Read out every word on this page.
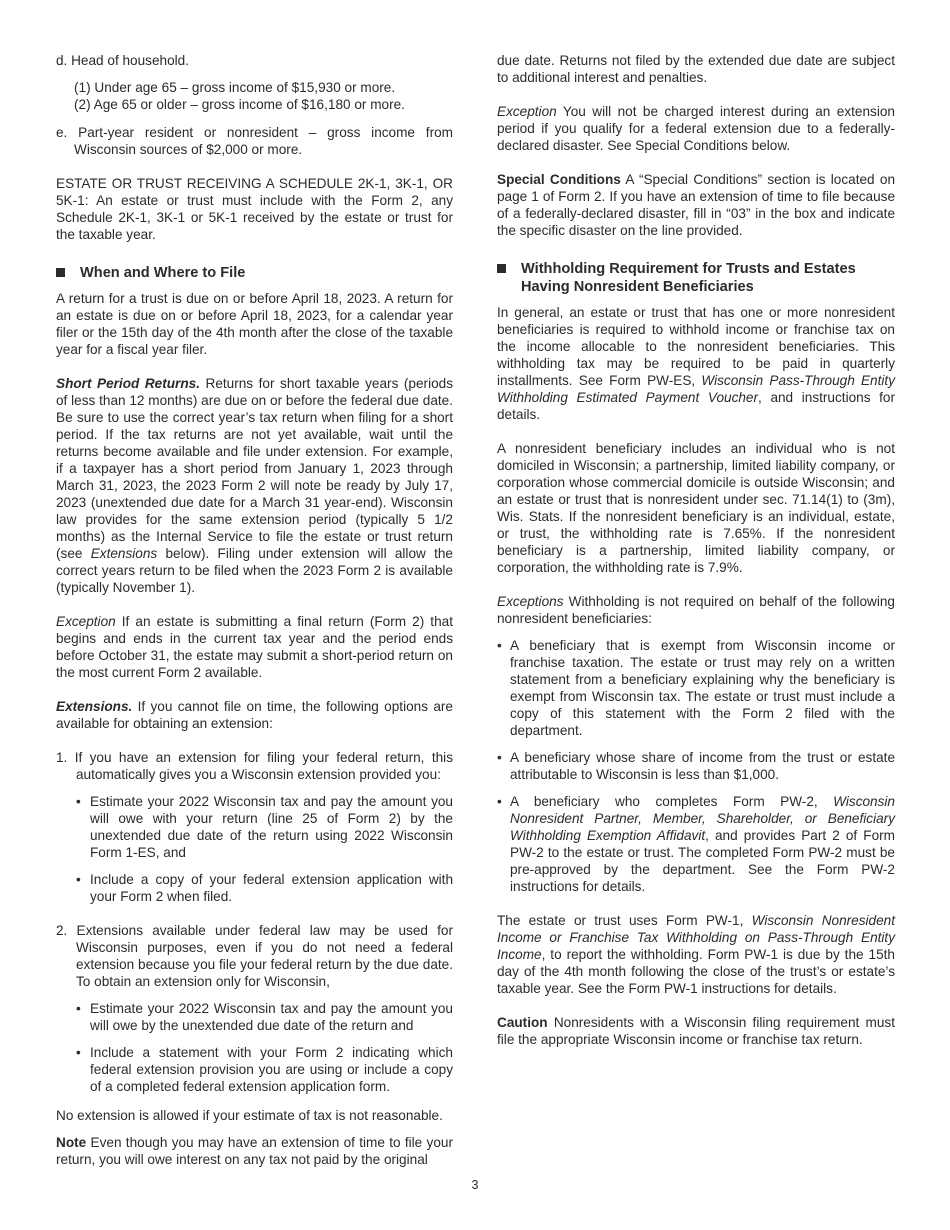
d. Head of household.

(1) Under age 65 – gross income of $15,930 or more.

(2) Age 65 or older – gross income of $16,180 or more.

e. Part-year resident or nonresident – gross income from Wisconsin sources of $2,000 or more.

ESTATE OR TRUST RECEIVING A SCHEDULE 2K-1, 3K-1, OR 5K-1: An estate or trust must include with the Form 2, any Schedule 2K-1, 3K-1 or 5K-1 received by the estate or trust for the taxable year.

When and Where to File

A return for a trust is due on or before April 18, 2023. A return for an estate is due on or before April 18, 2023, for a calendar year filer or the 15th day of the 4th month after the close of the taxable year for a fiscal year filer.

Short Period Returns. Returns for short taxable years (periods of less than 12 months) are due on or before the federal due date. Be sure to use the correct year’s tax return when filing for a short period. If the tax returns are not yet available, wait until the returns become available and file under extension. For example, if a taxpayer has a short period from January 1, 2023 through March 31, 2023, the 2023 Form 2 will note be ready by July 17, 2023 (unextended due date for a March 31 year-end). Wisconsin law provides for the same extension period (typically 5 1/2 months) as the Internal Service to file the estate or trust return (see Extensions below). Filing under extension will allow the correct years return to be filed when the 2023 Form 2 is available (typically November 1).

Exception If an estate is submitting a final return (Form 2) that begins and ends in the current tax year and the period ends before October 31, the estate may submit a short-period return on the most current Form 2 available.

Extensions. If you cannot file on time, the following options are available for obtaining an extension:

1. If you have an extension for filing your federal return, this automatically gives you a Wisconsin extension provided you:

• Estimate your 2022 Wisconsin tax and pay the amount you will owe with your return (line 25 of Form 2) by the unextended due date of the return using 2022 Wisconsin Form 1-ES, and

• Include a copy of your federal extension application with your Form 2 when filed.

2. Extensions available under federal law may be used for Wisconsin purposes, even if you do not need a federal extension because you file your federal return by the due date. To obtain an extension only for Wisconsin,

• Estimate your 2022 Wisconsin tax and pay the amount you will owe by the unextended due date of the return and

• Include a statement with your Form 2 indicating which federal extension provision you are using or include a copy of a completed federal extension application form.

No extension is allowed if your estimate of tax is not reasonable.

Note Even though you may have an extension of time to file your return, you will owe interest on any tax not paid by the original

due date. Returns not filed by the extended due date are subject to additional interest and penalties.

Exception You will not be charged interest during an extension period if you qualify for a federal extension due to a federally-declared disaster. See Special Conditions below.

Special Conditions A “Special Conditions” section is located on page 1 of Form 2. If you have an extension of time to file because of a federally-declared disaster, fill in “03” in the box and indicate the specific disaster on the line provided.

Withholding Requirement for Trusts and Estates Having Nonresident Beneficiaries

In general, an estate or trust that has one or more nonresident beneficiaries is required to withhold income or franchise tax on the income allocable to the nonresident beneficiaries. This withholding tax may be required to be paid in quarterly installments. See Form PW-ES, Wisconsin Pass-Through Entity Withholding Estimated Payment Voucher, and instructions for details.

A nonresident beneficiary includes an individual who is not domiciled in Wisconsin; a partnership, limited liability company, or corporation whose commercial domicile is outside Wisconsin; and an estate or trust that is nonresident under sec. 71.14(1) to (3m), Wis. Stats. If the nonresident beneficiary is an individual, estate, or trust, the withholding rate is 7.65%. If the nonresident beneficiary is a partnership, limited liability company, or corporation, the withholding rate is 7.9%.

Exceptions Withholding is not required on behalf of the following nonresident beneficiaries:

• A beneficiary that is exempt from Wisconsin income or franchise taxation. The estate or trust may rely on a written statement from a beneficiary explaining why the beneficiary is exempt from Wisconsin tax. The estate or trust must include a copy of this statement with the Form 2 filed with the department.

• A beneficiary whose share of income from the trust or estate attributable to Wisconsin is less than $1,000.

• A beneficiary who completes Form PW-2, Wisconsin Nonresident Partner, Member, Shareholder, or Beneficiary Withholding Exemption Affidavit, and provides Part 2 of Form PW-2 to the estate or trust. The completed Form PW-2 must be pre-approved by the department. See the Form PW-2 instructions for details.

The estate or trust uses Form PW-1, Wisconsin Nonresident Income or Franchise Tax Withholding on Pass-Through Entity Income, to report the withholding. Form PW-1 is due by the 15th day of the 4th month following the close of the trust’s or estate’s taxable year. See the Form PW-1 instructions for details.

Caution Nonresidents with a Wisconsin filing requirement must file the appropriate Wisconsin income or franchise tax return.

3
